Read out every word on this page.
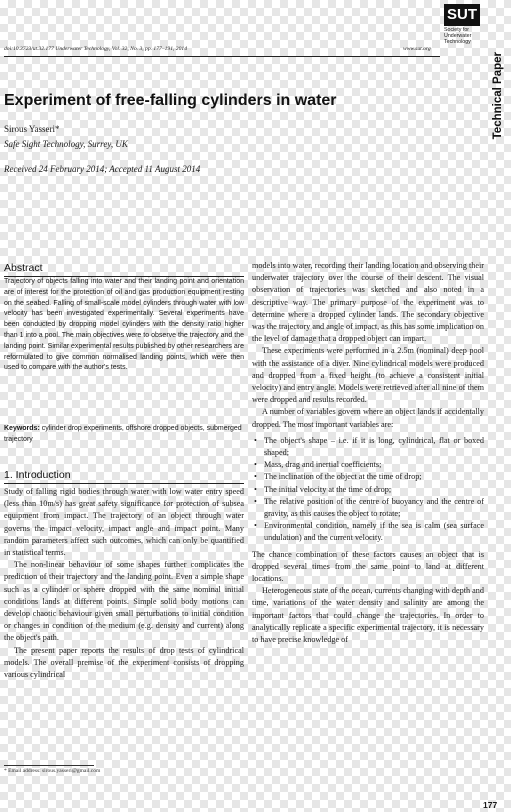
doi:10.3723/ut.32.177 Underwater Technology, Vol. 32, No. 3, pp. 177–191, 2014	www.sut.org
SUT
Society for
Underwater
Technology
Technical Paper
Experiment of free-falling cylinders in water
Sirous Yasseri*
Safe Sight Technology, Surrey, UK
Received 24 February 2014; Accepted 11 August 2014
Abstract
Trajectory of objects falling into water and their landing point and orientation are of interest for the protection of oil and gas production equipment resting on the seabed. Falling of small-scale model cylinders through water with low velocity has been investigated experimentally. Several experiments have been conducted by dropping model cylinders with the density ratio higher than 1 into a pool. The main objectives were to observe the trajectory and the landing point. Similar experimental results published by other researchers are reformulated to give common normalised landing points, which were then used to compare with the author's tests.
Keywords: cylinder drop experiments, offshore dropped objects, submerged trajectory
1. Introduction

Study of falling rigid bodies through water with low water entry speed (less than 10m/s) has great safety significance for protection of subsea equipment from impact. The trajectory of an object through water governs the impact velocity, impact angle and impact point. Many random parameters affect such outcomes, which can only be quantified in statistical terms.

The non-linear behaviour of some shapes further complicates the prediction of their trajectory and the landing point. Even a simple shape such as a cylinder or sphere dropped with the same nominal initial conditions lands at different points. Simple solid body motions can develop chaotic behaviour given small perturbations to initial condition or changes in condition of the medium (e.g. density and current) along the object's path.

The present paper reports the results of drop tests of cylindrical models. The overall premise of the experiment consists of dropping various cylindrical

models into water, recording their landing location and observing their underwater trajectory over the course of their descent. The visual observation of trajectories was sketched and also noted in a descriptive way. The primary purpose of the experiment was to determine where a dropped cylinder lands. The secondary objective was the trajectory and angle of impact, as this has some implication on the level of damage that a dropped object can impart.

These experiments were performed in a 2.5m (nominal) deep pool with the assistance of a diver. Nine cylindrical models were produced and dropped from a fixed height (to achieve a consistent initial velocity) and entry angle. Models were retrieved after all nine of them were dropped and results recorded.

A number of variables govern where an object lands if accidentally dropped. The most important variables are:

• The object's shape – i.e. if it is long, cylindrical, flat or boxed shaped;
• Mass, drag and inertial coefficients;
• The inclination of the object at the time of drop;
• The initial velocity at the time of drop;
• The relative position of the centre of buoyancy and the centre of gravity, as this causes the object to rotate;
• Environmental condition, namely if the sea is calm (sea surface undulation) and the current velocity.

The chance combination of these factors causes an object that is dropped several times from the same point to land at different locations.

Heterogeneous state of the ocean, currents changing with depth and time, variations of the water density and salinity are among the important factors that could change the trajectories. In order to analytically replicate a specific experimental trajectory, it is necessary to have precise knowledge of

* Email address: sirous.yasseri@gmail.com
177
